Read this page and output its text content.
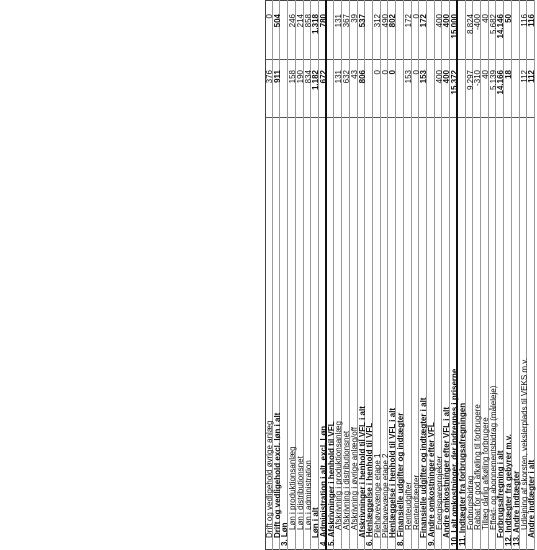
Drift og vedligehold øvrige anlæg
376
0
Drift og vedligehold excl. løn i alt
911
504
3. Løn
Løn i produktionsanlæg
158
246
Løn i distributionsnet
190
214
Løn i administration
834
858
Løn i alt
1.182
1.318
4. Administration i alt, excl. Løn
672
780
5. Afskrivninger i henhold til VFL
Afskrivning i produktionsanlæg
131
131
Afskrivning i distributionsnet
632
367
Afskrivning i øvrige anlæg/off
43
39
Afskrivninger i henhold til VFL i alt
806
537
6. Henlæggelse i henhold til VFL
Pilehøvevænge etape 1
0
312
Pilehøvevænge etape 2
0
490
Henlæggelse i henhold til VFL i alt
0
802
8. Finansielle udgifter og indtægter
Renteudgifter
153
172
Renteindtægter
0
0
Finansielle udgifter og indtægter i alt
153
172
9. Andre omkostninger efter VFL
Energispareprojekter
400
400
Andre omkostninger efter VFL i alt
400
400
10. I alt omkostninger, der indregnes i priserne
15.372
15.000
11. Indtægter fra forbrugsafregningen
Forbrugsbidrag
9.297
8.824
Rabat for god afkøling til forbrugere
-310
-400
Tillæg dårlig afkøling forbrugere
40
40
Effekt- og abonnementsbidrag (måleleje)
5.139
5.682
Forbrugsafregning i alt
14.166
14.146
12. Indtægter fra gebyrer m.v.
18
50
13. Andre indtægter
Udlejning af skorsten, vekslerplads til VEKS m.v.
112
116
Andre indtægter i alt
112
116
